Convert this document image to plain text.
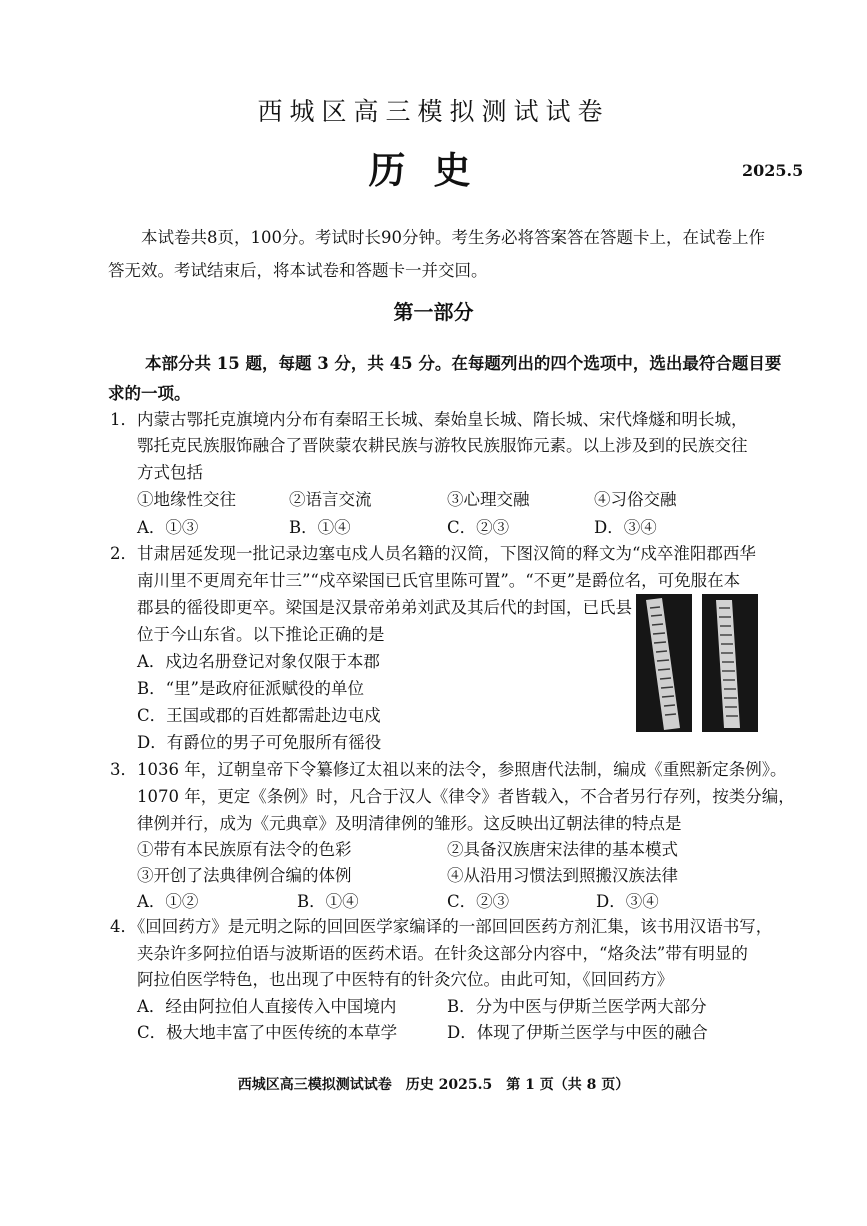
西城区高三模拟测试试卷
历史	2025.5
本试卷共8页，100分。考试时长90分钟。考生务必将答案答在答题卡上，在试卷上作
答无效。考试结束后，将本试卷和答题卡一并交回。
第一部分
本部分共 15 题，每题 3 分，共 45 分。在每题列出的四个选项中，选出最符合题目要
求的一项。
1．内蒙古鄂托克旗境内分布有秦昭王长城、秦始皇长城、隋长城、宋代烽燧和明长城，
鄂托克民族服饰融合了晋陕蒙农耕民族与游牧民族服饰元素。以上涉及到的民族交往
方式包括
①地缘性交往	②语言交流	③心理交融	④习俗交融
A．①③	B．①④	C．②③	D．③④
2．甘肃居延发现一批记录边塞屯戍人员名籍的汉简，下图汉简的释文为“戍卒淮阳郡西华
南川里不更周充年廿三”“戍卒梁国已氏官里陈可置”。“不更”是爵位名，可免服在本
郡县的徭役即更卒。梁国是汉景帝弟弟刘武及其后代的封国，已氏县
位于今山东省。以下推论正确的是
A．戍边名册登记对象仅限于本郡
B．“里”是政府征派赋役的单位
C．王国或郡的百姓都需赴边屯戍
D．有爵位的男子可免服所有徭役
3．1036 年，辽朝皇帝下令纂修辽太祖以来的法令，参照唐代法制，编成《重熙新定条例》。
1070 年，更定《条例》时，凡合于汉人《律令》者皆载入，不合者另行存列，按类分编，
律例并行，成为《元典章》及明清律例的雏形。这反映出辽朝法律的特点是
①带有本民族原有法令的色彩	②具备汉族唐宋法律的基本模式
③开创了法典律例合编的体例	④从沿用习惯法到照搬汉族法律
A．①②	B．①④	C．②③	D．③④
4．《回回药方》是元明之际的回回医学家编译的一部回回医药方剂汇集，该书用汉语书写，
夹杂许多阿拉伯语与波斯语的医药术语。在针灸这部分内容中，“烙灸法”带有明显的
阿拉伯医学特色，也出现了中医特有的针灸穴位。由此可知，《回回药方》
A．经由阿拉伯人直接传入中国境内	B．分为中医与伊斯兰医学两大部分
C．极大地丰富了中医传统的本草学	D．体现了伊斯兰医学与中医的融合
西城区高三模拟测试试卷　历史 2025.5　第 1 页（共 8 页）
